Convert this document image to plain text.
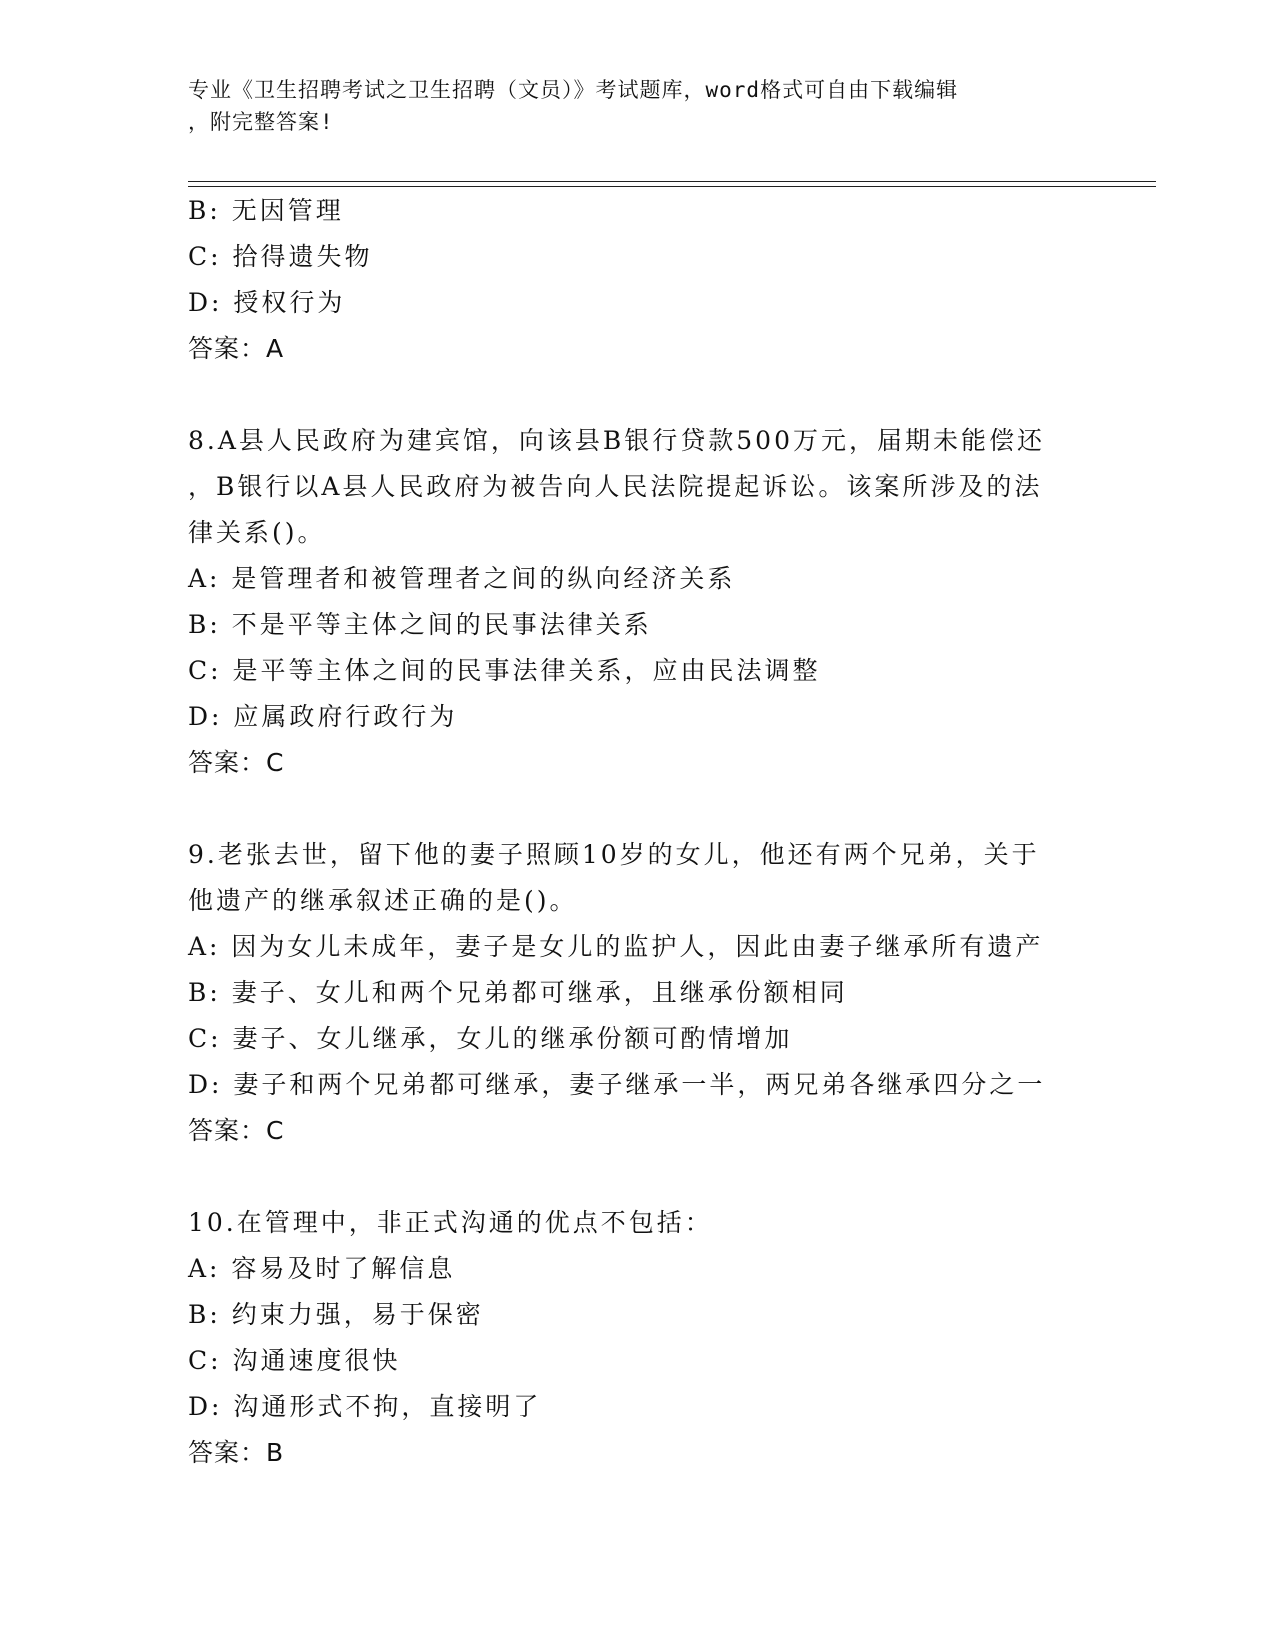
专业《卫生招聘考试之卫生招聘（文员）》考试题库，word格式可自由下载编辑
，附完整答案!
B: 无因管理
C: 拾得遗失物
D: 授权行为
答案：A
8.A县人民政府为建宾馆，向该县B银行贷款500万元，届期未能偿还
，B银行以A县人民政府为被告向人民法院提起诉讼。该案所涉及的法
律关系()。
A: 是管理者和被管理者之间的纵向经济关系
B: 不是平等主体之间的民事法律关系
C: 是平等主体之间的民事法律关系，应由民法调整
D: 应属政府行政行为
答案：C
9.老张去世，留下他的妻子照顾10岁的女儿，他还有两个兄弟，关于
他遗产的继承叙述正确的是()。
A: 因为女儿未成年，妻子是女儿的监护人，因此由妻子继承所有遗产
B: 妻子、女儿和两个兄弟都可继承，且继承份额相同
C: 妻子、女儿继承，女儿的继承份额可酌情增加
D: 妻子和两个兄弟都可继承，妻子继承一半，两兄弟各继承四分之一
答案：C
10.在管理中，非正式沟通的优点不包括：
A: 容易及时了解信息
B: 约束力强，易于保密
C: 沟通速度很快
D: 沟通形式不拘，直接明了
答案：B
